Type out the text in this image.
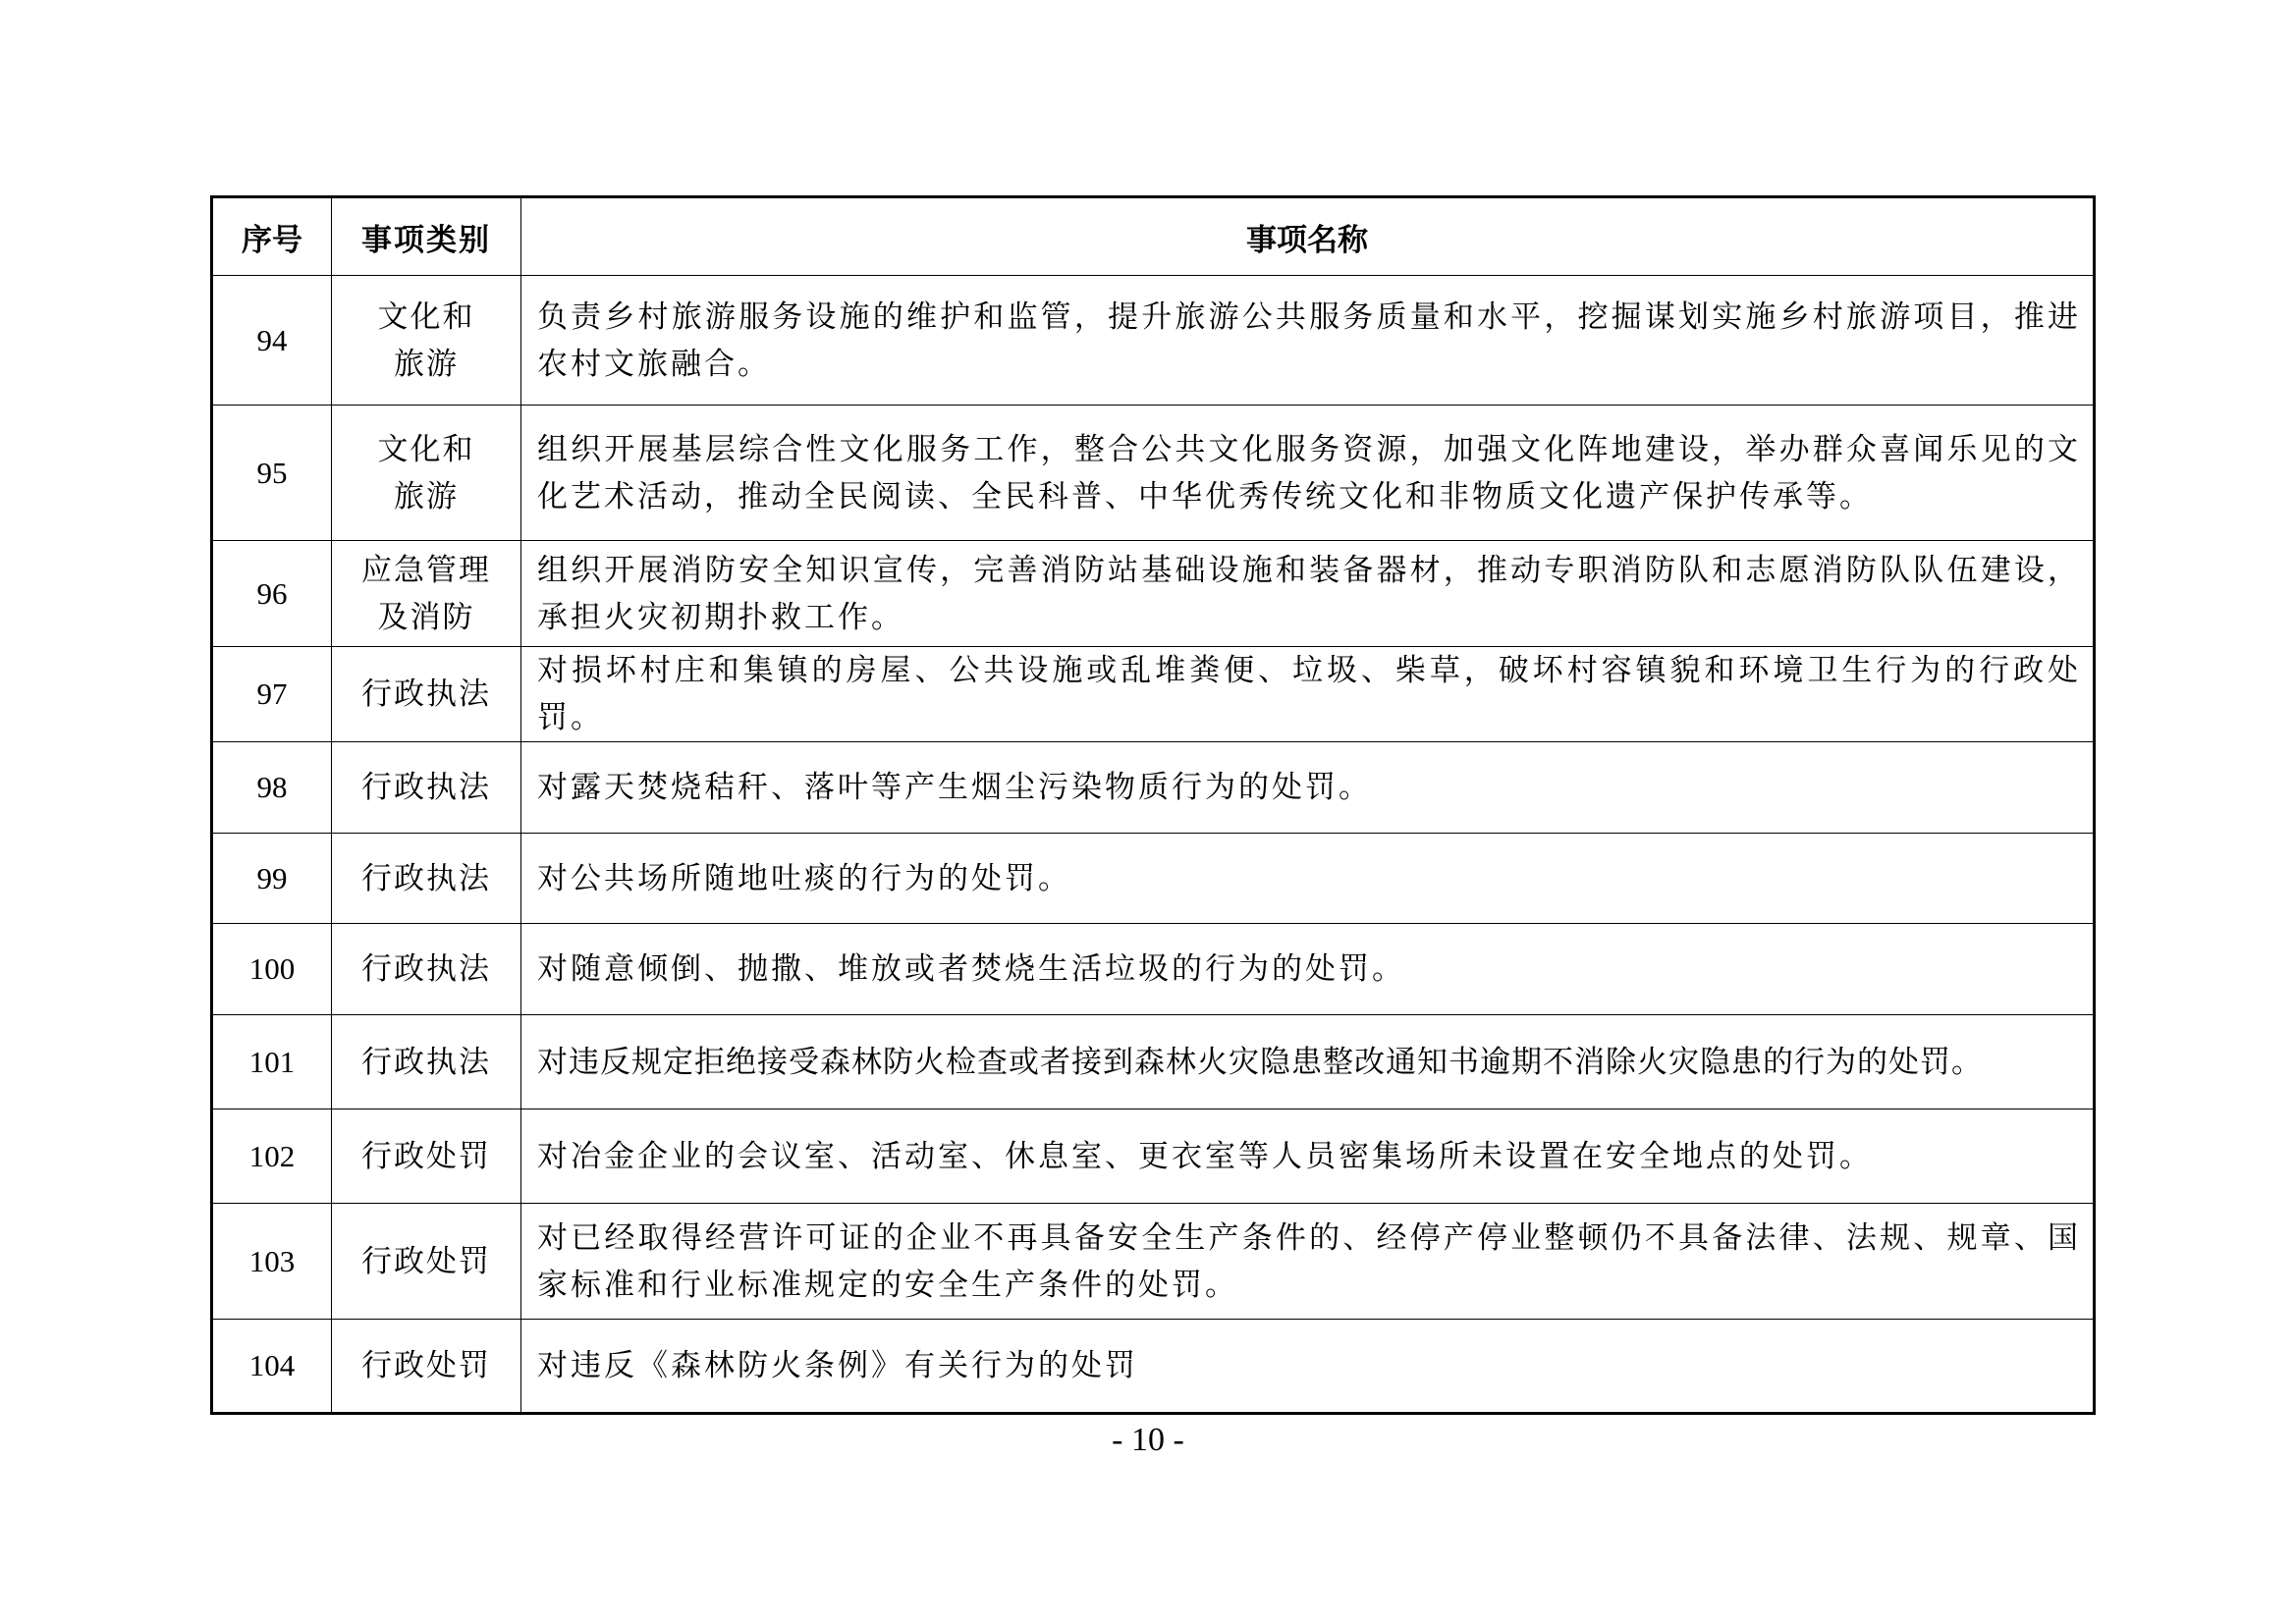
序号	事项类别	事项名称
94	文化和旅游	负责乡村旅游服务设施的维护和监管，提升旅游公共服务质量和水平，挖掘谋划实施乡村旅游项目，推进农村文旅融合。
95	文化和旅游	组织开展基层综合性文化服务工作，整合公共文化服务资源，加强文化阵地建设，举办群众喜闻乐见的文化艺术活动，推动全民阅读、全民科普、中华优秀传统文化和非物质文化遗产保护传承等。
96	应急管理及消防	组织开展消防安全知识宣传，完善消防站基础设施和装备器材，推动专职消防队和志愿消防队队伍建设，承担火灾初期扑救工作。
97	行政执法	对损坏村庄和集镇的房屋、公共设施或乱堆粪便、垃圾、柴草，破坏村容镇貌和环境卫生行为的行政处罚。
98	行政执法	对露天焚烧秸秆、落叶等产生烟尘污染物质行为的处罚。
99	行政执法	对公共场所随地吐痰的行为的处罚。
100	行政执法	对随意倾倒、抛撒、堆放或者焚烧生活垃圾的行为的处罚。
101	行政执法	对违反规定拒绝接受森林防火检查或者接到森林火灾隐患整改通知书逾期不消除火灾隐患的行为的处罚。
102	行政处罚	对冶金企业的会议室、活动室、休息室、更衣室等人员密集场所未设置在安全地点的处罚。
103	行政处罚	对已经取得经营许可证的企业不再具备安全生产条件的、经停产停业整顿仍不具备法律、法规、规章、国家标准和行业标准规定的安全生产条件的处罚。
104	行政处罚	对违反《森林防火条例》有关行为的处罚
- 10 -
